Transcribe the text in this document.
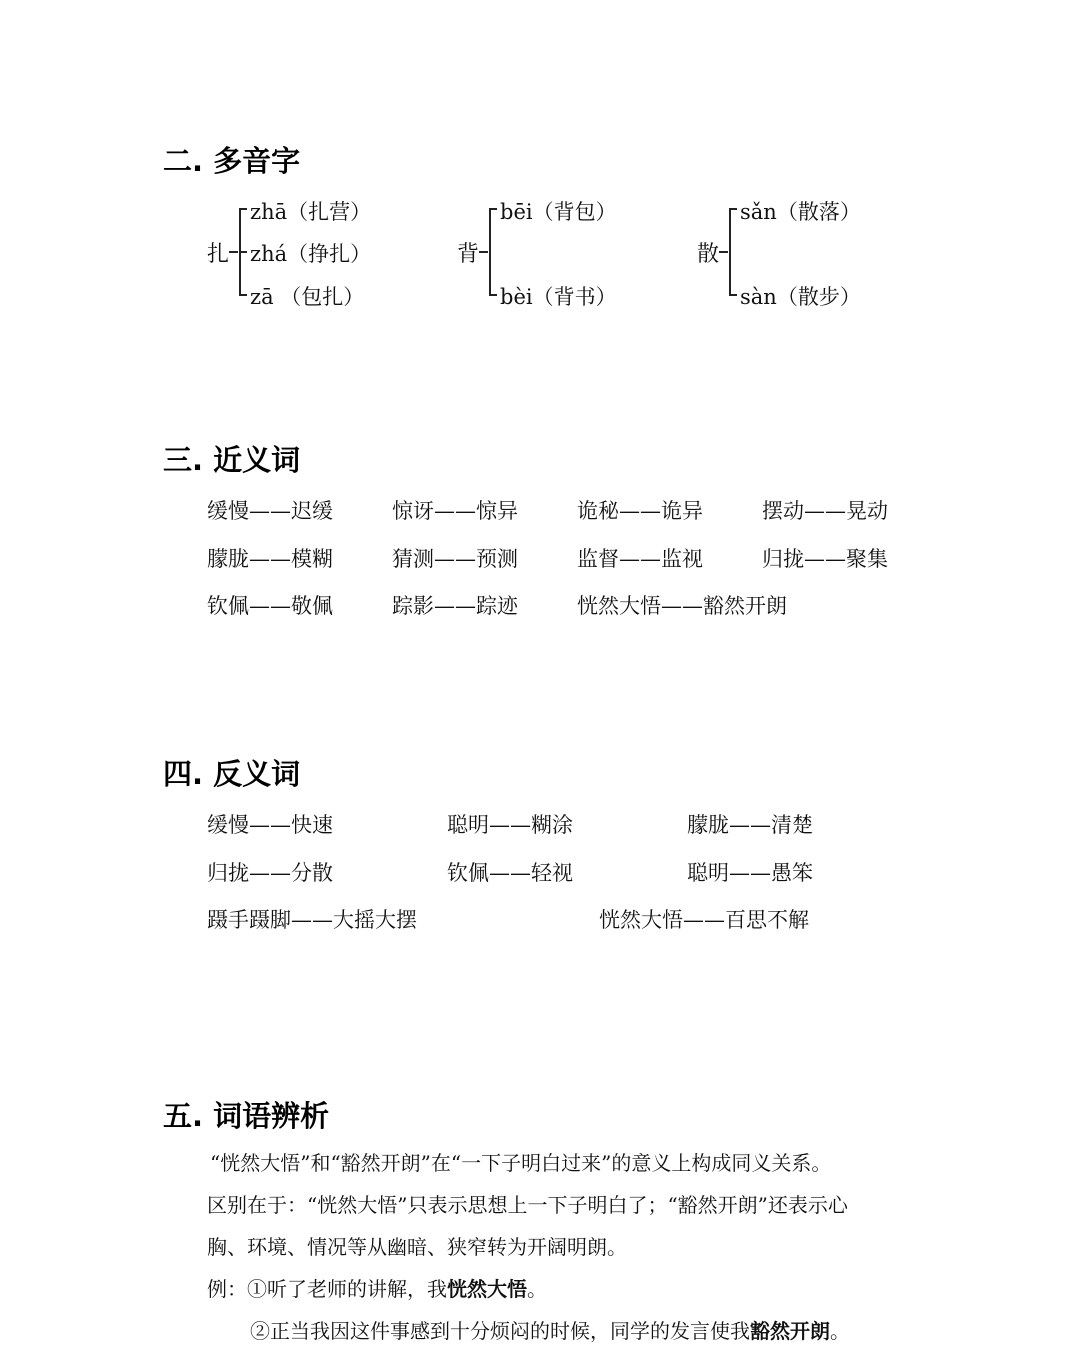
二. 多音字
扎
zhā（扎营）
zhá（挣扎）
zā （包扎）
背
bēi（背包）
bèi（背书）
散
sǎn（散落）
sàn（散步）
三. 近义词
缓慢——迟缓	惊讶——惊异	诡秘——诡异	摆动——晃动
朦胧——模糊	猜测——预测	监督——监视	归拢——聚集
钦佩——敬佩	踪影——踪迹	恍然大悟——豁然开朗
四. 反义词
缓慢——快速	聪明——糊涂	朦胧——清楚
归拢——分散	钦佩——轻视	聪明——愚笨
蹑手蹑脚——大摇大摆	恍然大悟——百思不解
五. 词语辨析
“恍然大悟”和“豁然开朗”在“一下子明白过来”的意义上构成同义关系。
区别在于：“恍然大悟”只表示思想上一下子明白了；“豁然开朗”还表示心
胸、环境、情况等从幽暗、狭窄转为开阔明朗。
例：①听了老师的讲解，我恍然大悟。
②正当我因这件事感到十分烦闷的时候，同学的发言使我豁然开朗。
